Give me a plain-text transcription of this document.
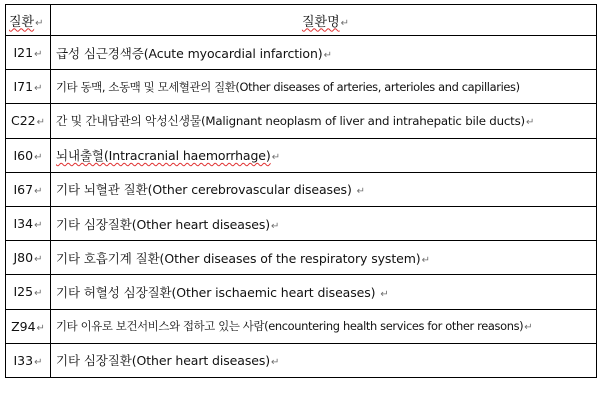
질환↵	질환명↵
I21↵	급성 심근경색증(Acute myocardial infarction)↵
I71↵	기타 동맥, 소동맥 및 모세혈관의 질환(Other diseases of arteries, arterioles and capillaries)
C22↵	간 및 간내담관의 악성신생물(Malignant neoplasm of liver and intrahepatic bile ducts)↵
I60↵	뇌내출혈(Intracranial haemorrhage)↵
I67↵	기타 뇌혈관 질환(Other cerebrovascular diseases) ↵
I34↵	기타 심장질환(Other heart diseases)↵
J80↵	기타 호흡기계 질환(Other diseases of the respiratory system)↵
I25↵	기타 허혈성 심장질환(Other ischaemic heart diseases) ↵
Z94↵	기타 이유로 보건서비스와 접하고 있는 사람(encountering health services for other reasons)↵
I33↵	기타 심장질환(Other heart diseases)↵
